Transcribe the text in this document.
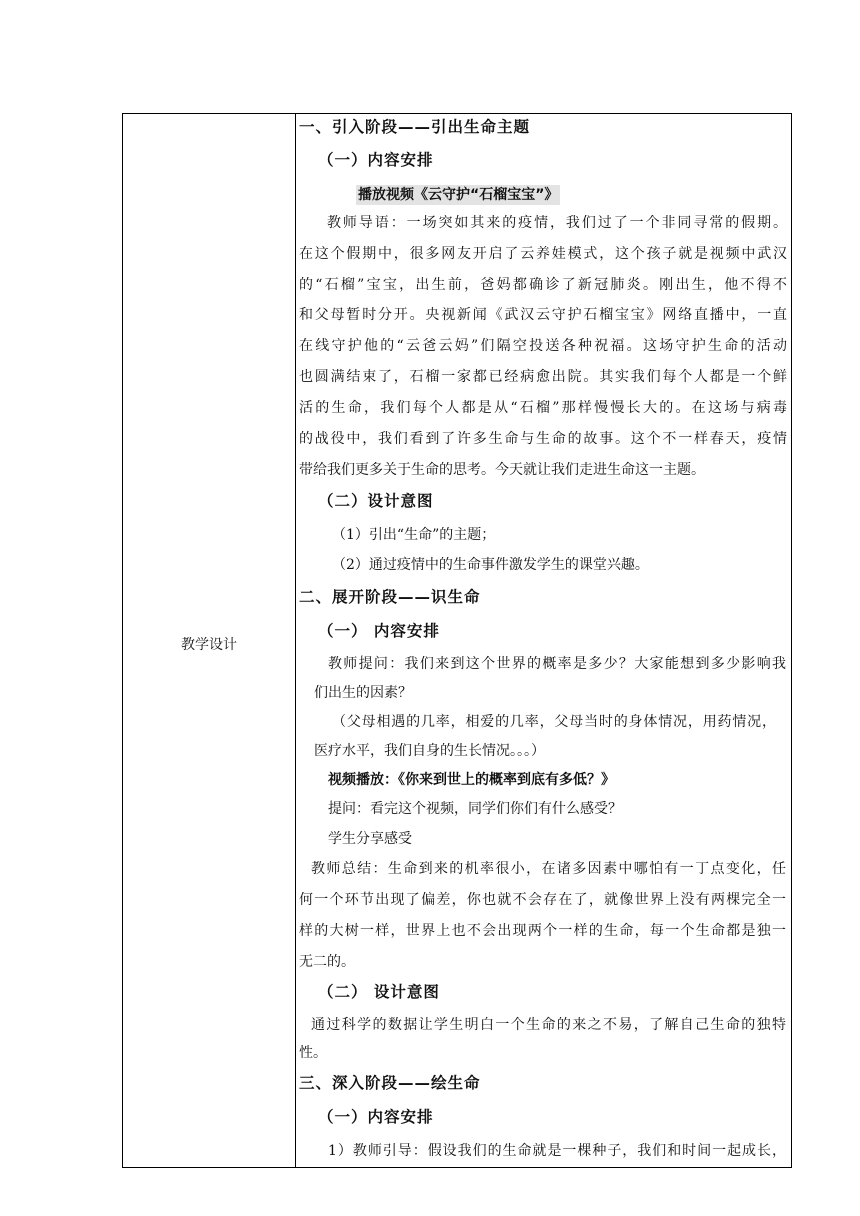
教学设计
一、引入阶段——引出生命主题
（一）内容安排
播放视频《云守护“石榴宝宝”》
教师导语：一场突如其来的疫情，我们过了一个非同寻常的假期。
在这个假期中，很多网友开启了云养娃模式，这个孩子就是视频中武汉
的“石榴”宝宝，出生前，爸妈都确诊了新冠肺炎。刚出生，他不得不
和父母暂时分开。央视新闻《武汉云守护石榴宝宝》网络直播中，一直
在线守护他的“云爸云妈”们隔空投送各种祝福。这场守护生命的活动
也圆满结束了，石榴一家都已经病愈出院。其实我们每个人都是一个鲜
活的生命，我们每个人都是从“石榴”那样慢慢长大的。在这场与病毒
的战役中，我们看到了许多生命与生命的故事。这个不一样春天，疫情
带给我们更多关于生命的思考。今天就让我们走进生命这一主题。
（二）设计意图
（1）引出“生命”的主题；
（2）通过疫情中的生命事件激发学生的课堂兴趣。
二、展开阶段——识生命
（一） 内容安排
教师提问：我们来到这个世界的概率是多少？大家能想到多少影响我
们出生的因素？
（父母相遇的几率，相爱的几率，父母当时的身体情况，用药情况，
医疗水平，我们自身的生长情况。。。）
视频播放：《你来到世上的概率到底有多低？》
提问：看完这个视频，同学们你们有什么感受？
学生分享感受
教师总结：生命到来的机率很小，在诸多因素中哪怕有一丁点变化，任
何一个环节出现了偏差，你也就不会存在了，就像世界上没有两棵完全一
样的大树一样，世界上也不会出现两个一样的生命，每一个生命都是独一
无二的。
（二） 设计意图
通过科学的数据让学生明白一个生命的来之不易，了解自己生命的独特
性。
三、深入阶段——绘生命
（一）内容安排
1）教师引导：假设我们的生命就是一棵种子，我们和时间一起成长，
